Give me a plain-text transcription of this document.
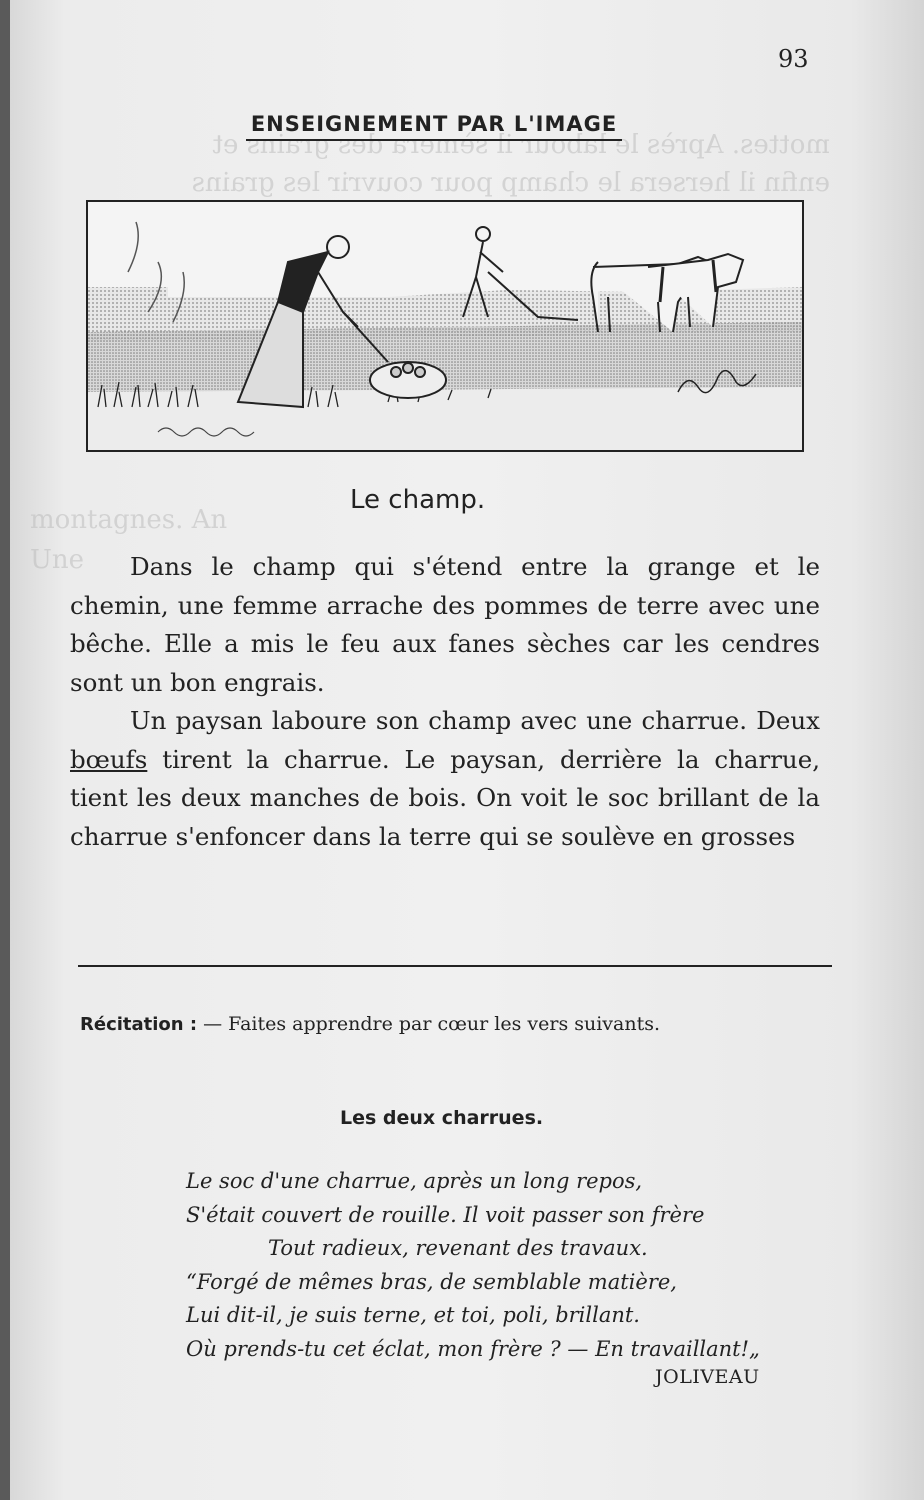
mottes. Après le labour il sèmera des grains et
enfin il hersera le champ pour couvrir les grains
montagnes. An
Une
93
ENSEIGNEMENT PAR L'IMAGE
Le champ.

Dans le champ qui s'étend entre la grange et le chemin, une femme arrache des pommes de terre avec une bêche. Elle a mis le feu aux fanes sèches car les cendres sont un bon engrais.

Un paysan laboure son champ avec une charrue. Deux bœufs tirent la charrue. Le paysan, derrière la charrue, tient les deux manches de bois. On voit le soc brillant de la charrue s'enfoncer dans la terre qui se soulève en grosses

Récitation : — Faites apprendre par cœur les vers suivants.
Les deux charrues.
Le soc d'une charrue, après un long repos,
S'était couvert de rouille. Il voit passer son frère
Tout radieux, revenant des travaux.
“Forgé de mêmes bras, de semblable matière,
Lui dit-il, je suis terne, et toi, poli, brillant.
Où prends-tu cet éclat, mon frère ? — En travaillant!„
JOLIVEAU
